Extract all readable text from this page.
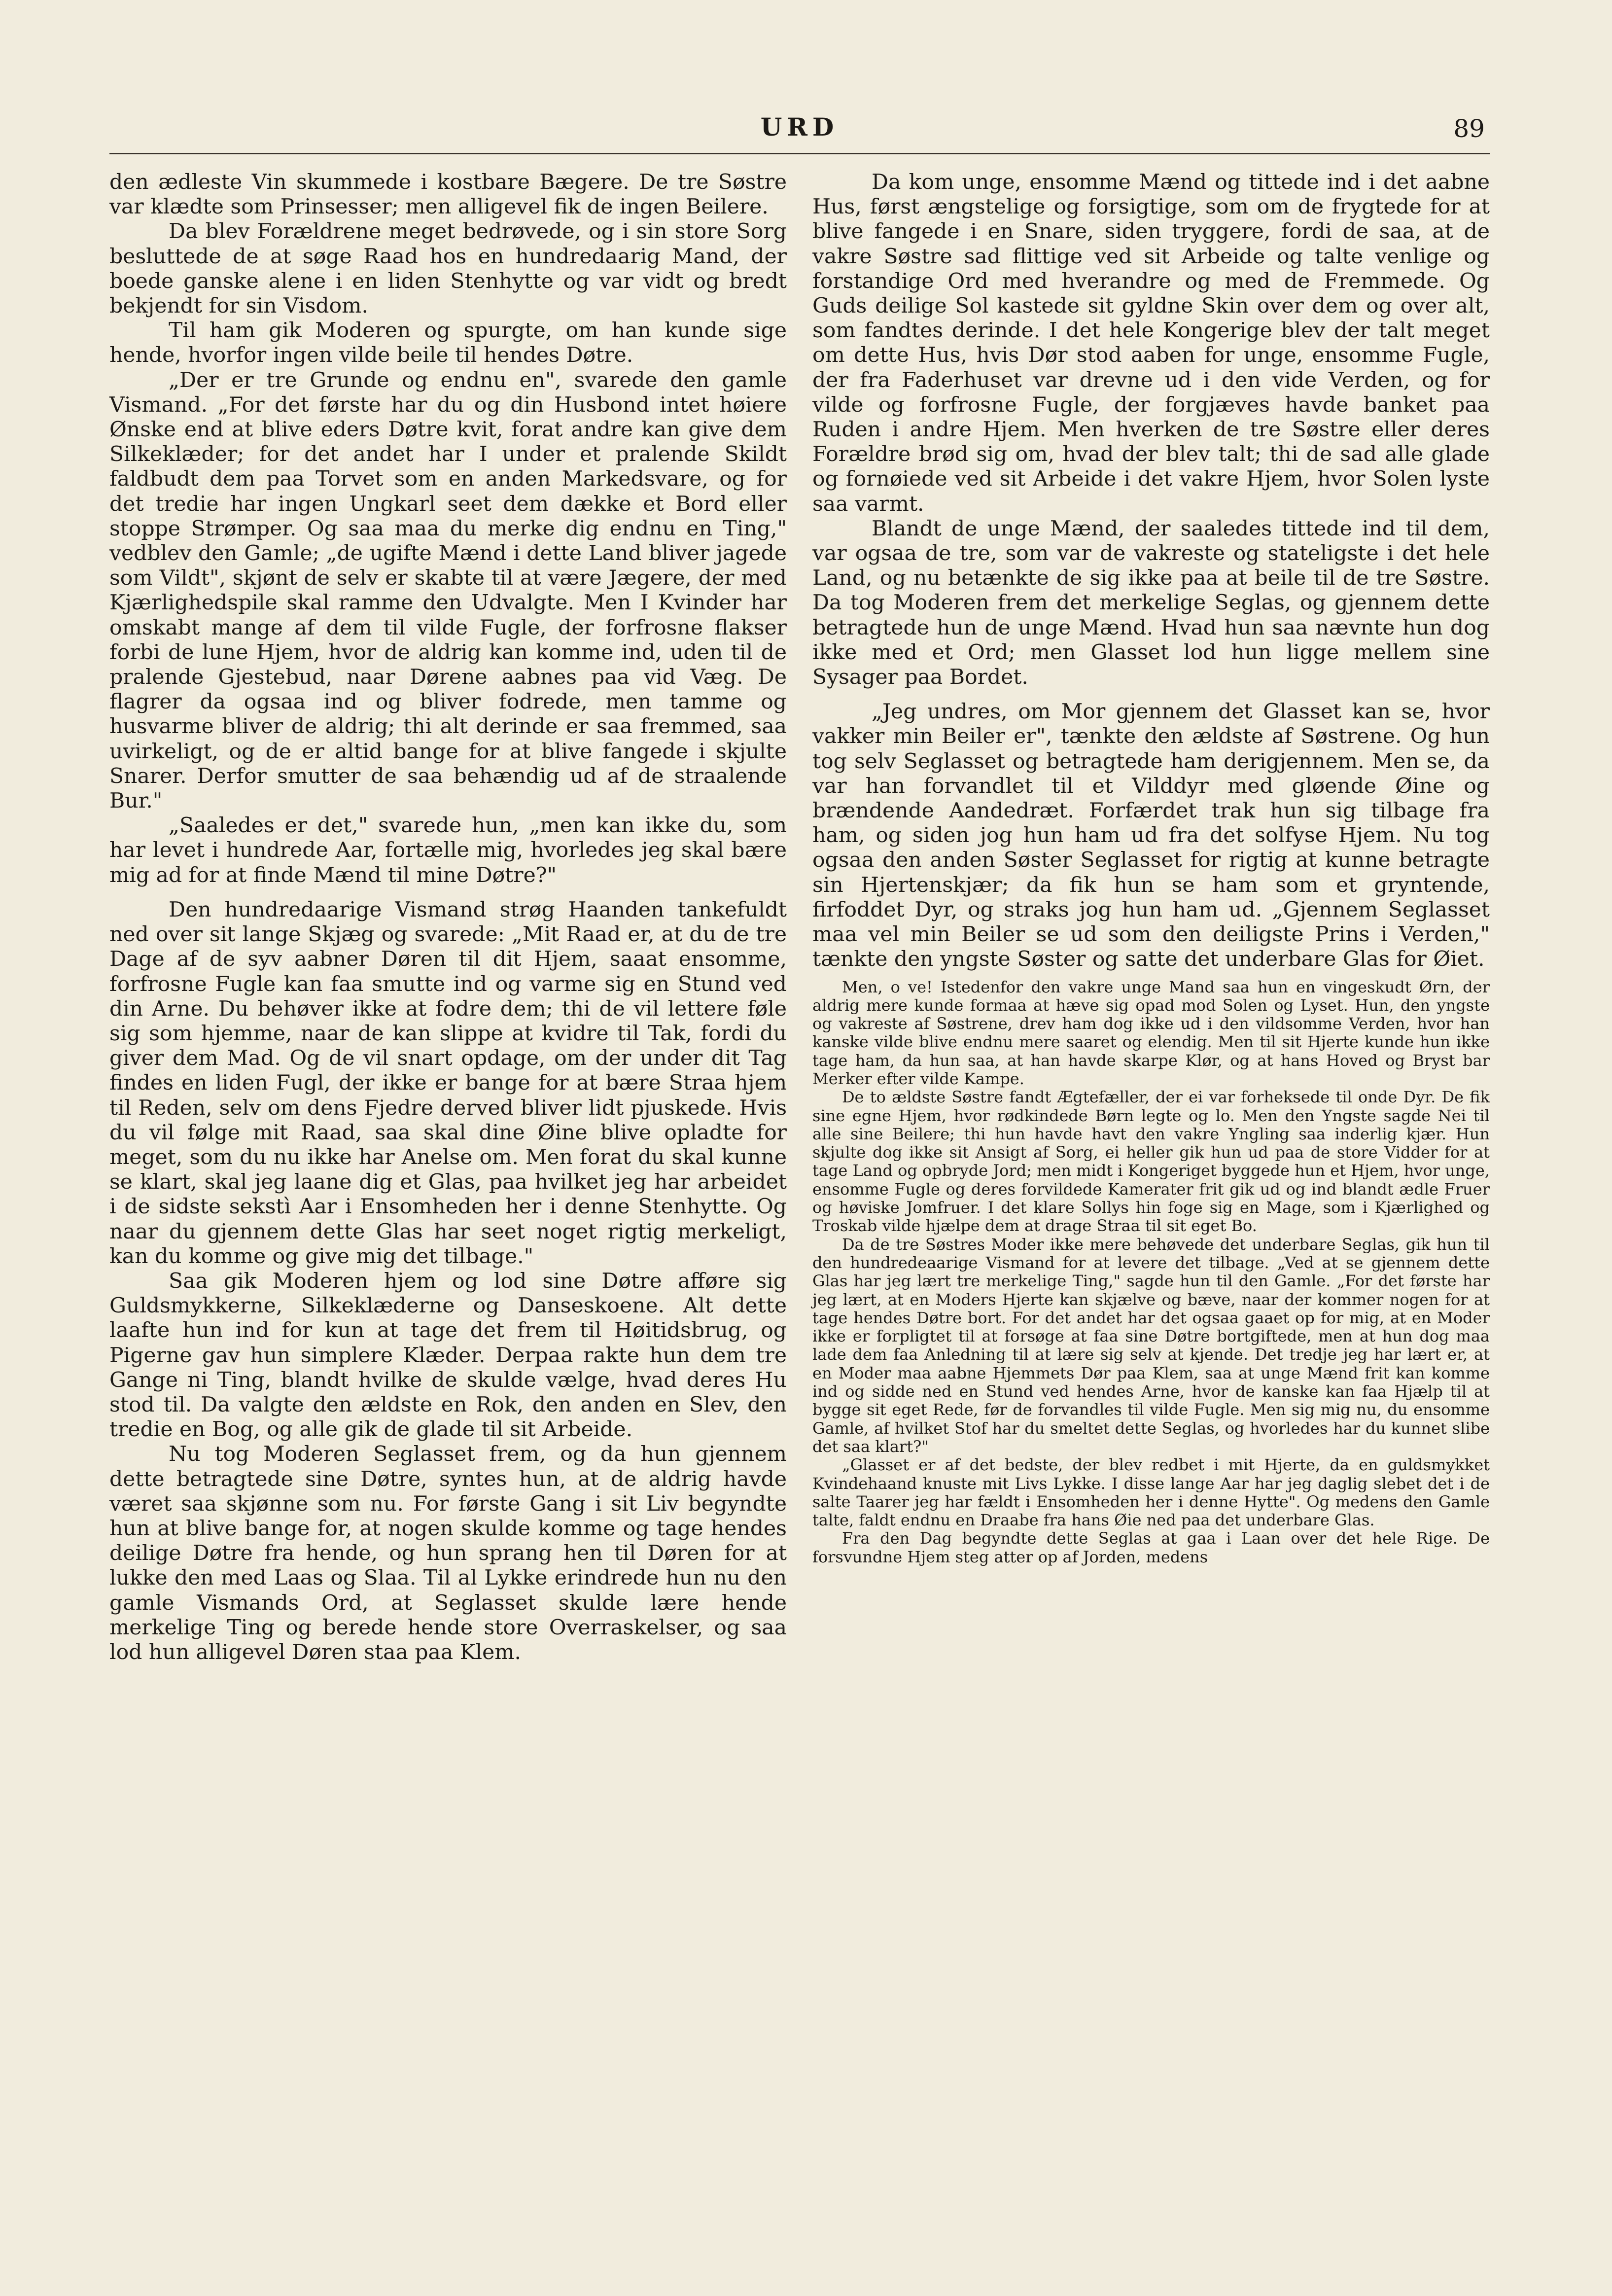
URD	89

den ædleste Vin skummede i kostbare Bægere. De tre Søstre var klædte som Prinsesser; men alligevel fik de ingen Beilere.

Da blev Forældrene meget bedrøvede, og i sin store Sorg besluttede de at søge Raad hos en hundredaarig Mand, der boede ganske alene i en liden Stenhytte og var vidt og bredt bekjendt for sin Visdom.

Til ham gik Moderen og spurgte, om han kunde sige hende, hvorfor ingen vilde beile til hendes Døtre.

„Der er tre Grunde og endnu en", svarede den gamle Vismand. „For det første har du og din Husbond intet høiere Ønske end at blive eders Døtre kvit, forat andre kan give dem Silkeklæder; for det andet har I under et pralende Skildt faldbudt dem paa Torvet som en anden Markedsvare, og for det tredie har ingen Ungkarl seet dem dække et Bord eller stoppe Strømper. Og saa maa du merke dig endnu en Ting," vedblev den Gamle; „de ugifte Mænd i dette Land bliver jagede som Vildt", skjønt de selv er skabte til at være Jægere, der med Kjærlighedspile skal ramme den Udvalgte. Men I Kvinder har omskabt mange af dem til vilde Fugle, der forfrosne flakser forbi de lune Hjem, hvor de aldrig kan komme ind, uden til de pralende Gjestebud, naar Dørene aabnes paa vid Væg. De flagrer da ogsaa ind og bliver fodrede, men tamme og husvarme bliver de aldrig; thi alt derinde er saa fremmed, saa uvirkeligt, og de er altid bange for at blive fangede i skjulte Snarer. Derfor smutter de saa behændig ud af de straalende Bur."

„Saaledes er det," svarede hun, „men kan ikke du, som har levet i hundrede Aar, fortælle mig, hvorledes jeg skal bære mig ad for at finde Mænd til mine Døtre?"

Den hundredaarige Vismand strøg Haanden tankefuldt ned over sit lange Skjæg og svarede: „Mit Raad er, at du de tre Dage af de syv aabner Døren til dit Hjem, saaat ensomme, forfrosne Fugle kan faa smutte ind og varme sig en Stund ved din Arne. Du behøver ikke at fodre dem; thi de vil lettere føle sig som hjemme, naar de kan slippe at kvidre til Tak, fordi du giver dem Mad. Og de vil snart opdage, om der under dit Tag findes en liden Fugl, der ikke er bange for at bære Straa hjem til Reden, selv om dens Fjedre derved bliver lidt pjuskede. Hvis du vil følge mit Raad, saa skal dine Øine blive opladte for meget, som du nu ikke har Anelse om. Men forat du skal kunne se klart, skal jeg laane dig et Glas, paa hvilket jeg har arbeidet i de sidste sekstì Aar i Ensomheden her i denne Stenhytte. Og naar du gjennem dette Glas har seet noget rigtig merkeligt, kan du komme og give mig det tilbage."

Saa gik Moderen hjem og lod sine Døtre afføre sig Guldsmykkerne, Silkeklæderne og Danseskoene. Alt dette laafte hun ind for kun at tage det frem til Høitidsbrug, og Pigerne gav hun simplere Klæder. Derpaa rakte hun dem tre Gange ni Ting, blandt hvilke de skulde vælge, hvad deres Hu stod til. Da valgte den ældste en Rok, den anden en Slev, den tredie en Bog, og alle gik de glade til sit Arbeide.

Nu tog Moderen Seglasset frem, og da hun gjennem dette betragtede sine Døtre, syntes hun, at de aldrig havde været saa skjønne som nu. For første Gang i sit Liv begyndte hun at blive bange for, at nogen skulde komme og tage hendes deilige Døtre fra hende, og hun sprang hen til Døren for at lukke den med Laas og Slaa. Til al Lykke erindrede hun nu den gamle Vismands Ord, at Seglasset skulde lære hende merkelige Ting og berede hende store Overraskelser, og saa lod hun alligevel Døren staa paa Klem.

Da kom unge, ensomme Mænd og tittede ind i det aabne Hus, først ængstelige og forsigtige, som om de frygtede for at blive fangede i en Snare, siden tryggere, fordi de saa, at de vakre Søstre sad flittige ved sit Arbeide og talte venlige og forstandige Ord med hverandre og med de Fremmede. Og Guds deilige Sol kastede sit gyldne Skin over dem og over alt, som fandtes derinde. I det hele Kongerige blev der talt meget om dette Hus, hvis Dør stod aaben for unge, ensomme Fugle, der fra Faderhuset var drevne ud i den vide Verden, og for vilde og forfrosne Fugle, der forgjæves havde banket paa Ruden i andre Hjem. Men hverken de tre Søstre eller deres Forældre brød sig om, hvad der blev talt; thi de sad alle glade og fornøiede ved sit Arbeide i det vakre Hjem, hvor Solen lyste saa varmt.

Blandt de unge Mænd, der saaledes tittede ind til dem, var ogsaa de tre, som var de vakreste og stateligste i det hele Land, og nu betænkte de sig ikke paa at beile til de tre Søstre. Da tog Moderen frem det merkelige Seglas, og gjennem dette betragtede hun de unge Mænd. Hvad hun saa nævnte hun dog ikke med et Ord; men Glasset lod hun ligge mellem sine Sysager paa Bordet.

„Jeg undres, om Mor gjennem det Glasset kan se, hvor vakker min Beiler er", tænkte den ældste af Søstrene. Og hun tog selv Seglasset og betragtede ham derigjennem. Men se, da var han forvandlet til et Vilddyr med gløende Øine og brændende Aandedræt. Forfærdet trak hun sig tilbage fra ham, og siden jog hun ham ud fra det solfyse Hjem. Nu tog ogsaa den anden Søster Seglasset for rigtig at kunne betragte sin Hjertenskjær; da fik hun se ham som et gryntende, firfoddet Dyr, og straks jog hun ham ud. „Gjennem Seglasset maa vel min Beiler se ud som den deiligste Prins i Verden," tænkte den yngste Søster og satte det underbare Glas for Øiet.

Men, o ve! Istedenfor den vakre unge Mand saa hun en vingeskudt Ørn, der aldrig mere kunde formaa at hæve sig opad mod Solen og Lyset. Hun, den yngste og vakreste af Søstrene, drev ham dog ikke ud i den vildsomme Verden, hvor han kanske vilde blive endnu mere saaret og elendig. Men til sit Hjerte kunde hun ikke tage ham, da hun saa, at han havde skarpe Klør, og at hans Hoved og Bryst bar Merker efter vilde Kampe.

De to ældste Søstre fandt Ægtefæller, der ei var forheksede til onde Dyr. De fik sine egne Hjem, hvor rødkindede Børn legte og lo. Men den Yngste sagde Nei til alle sine Beilere; thi hun havde havt den vakre Yngling saa inderlig kjær. Hun skjulte dog ikke sit Ansigt af Sorg, ei heller gik hun ud paa de store Vidder for at tage Land og opbryde Jord; men midt i Kongeriget byggede hun et Hjem, hvor unge, ensomme Fugle og deres forvildede Kamerater frit gik ud og ind blandt ædle Fruer og høviske Jomfruer. I det klare Sollys hin foge sig en Mage, som i Kjærlighed og Troskab vilde hjælpe dem at drage Straa til sit eget Bo.

Da de tre Søstres Moder ikke mere behøvede det underbare Seglas, gik hun til den hundredeaarige Vismand for at levere det tilbage. „Ved at se gjennem dette Glas har jeg lært tre merkelige Ting," sagde hun til den Gamle. „For det første har jeg lært, at en Moders Hjerte kan skjælve og bæve, naar der kommer nogen for at tage hendes Døtre bort. For det andet har det ogsaa gaaet op for mig, at en Moder ikke er forpligtet til at forsøge at faa sine Døtre bortgiftede, men at hun dog maa lade dem faa Anledning til at lære sig selv at kjende. Det tredje jeg har lært er, at en Moder maa aabne Hjemmets Dør paa Klem, saa at unge Mænd frit kan komme ind og sidde ned en Stund ved hendes Arne, hvor de kanske kan faa Hjælp til at bygge sit eget Rede, før de forvandles til vilde Fugle. Men sig mig nu, du ensomme Gamle, af hvilket Stof har du smeltet dette Seglas, og hvorledes har du kunnet slibe det saa klart?"

„Glasset er af det bedste, der blev redbet i mit Hjerte, da en guldsmykket Kvindehaand knuste mit Livs Lykke. I disse lange Aar har jeg daglig slebet det i de salte Taarer jeg har fældt i Ensomheden her i denne Hytte". Og medens den Gamle talte, faldt endnu en Draabe fra hans Øie ned paa det underbare Glas.

Fra den Dag begyndte dette Seglas at gaa i Laan over det hele Rige. De forsvundne Hjem steg atter op af Jorden, medens
